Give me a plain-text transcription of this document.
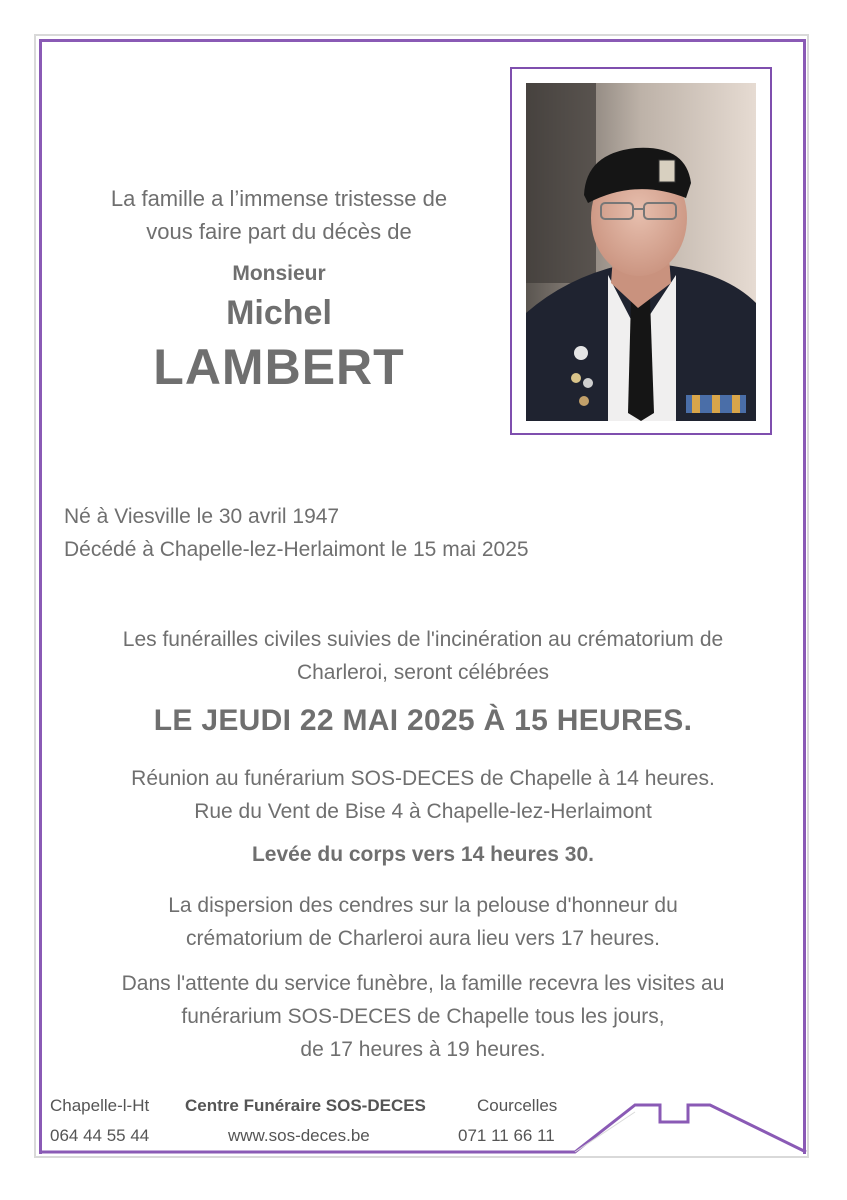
La famille a l’immense tristesse de
vous faire part du décès de
Monsieur
Michel
LAMBERT
Né à Viesville le 30 avril 1947
Décédé à Chapelle-lez-Herlaimont le 15 mai 2025
Les funérailles civiles suivies de l'incinération au crématorium de
Charleroi, seront célébrées
LE JEUDI 22 MAI 2025 À 15 HEURES.
Réunion au funérarium SOS-DECES de Chapelle à 14 heures.
Rue du Vent de Bise 4 à Chapelle-lez-Herlaimont
Levée du corps vers 14 heures 30.
La dispersion des cendres sur la pelouse d'honneur du
crématorium de Charleroi aura lieu vers 17 heures.
Dans l'attente du service funèbre, la famille recevra les visites au
funérarium SOS-DECES de Chapelle tous les jours,
de 17 heures à 19 heures.
Chapelle-l-Ht
064 44 55 44
Centre Funéraire SOS-DECES
www.sos-deces.be
Courcelles
071 11 66 11
